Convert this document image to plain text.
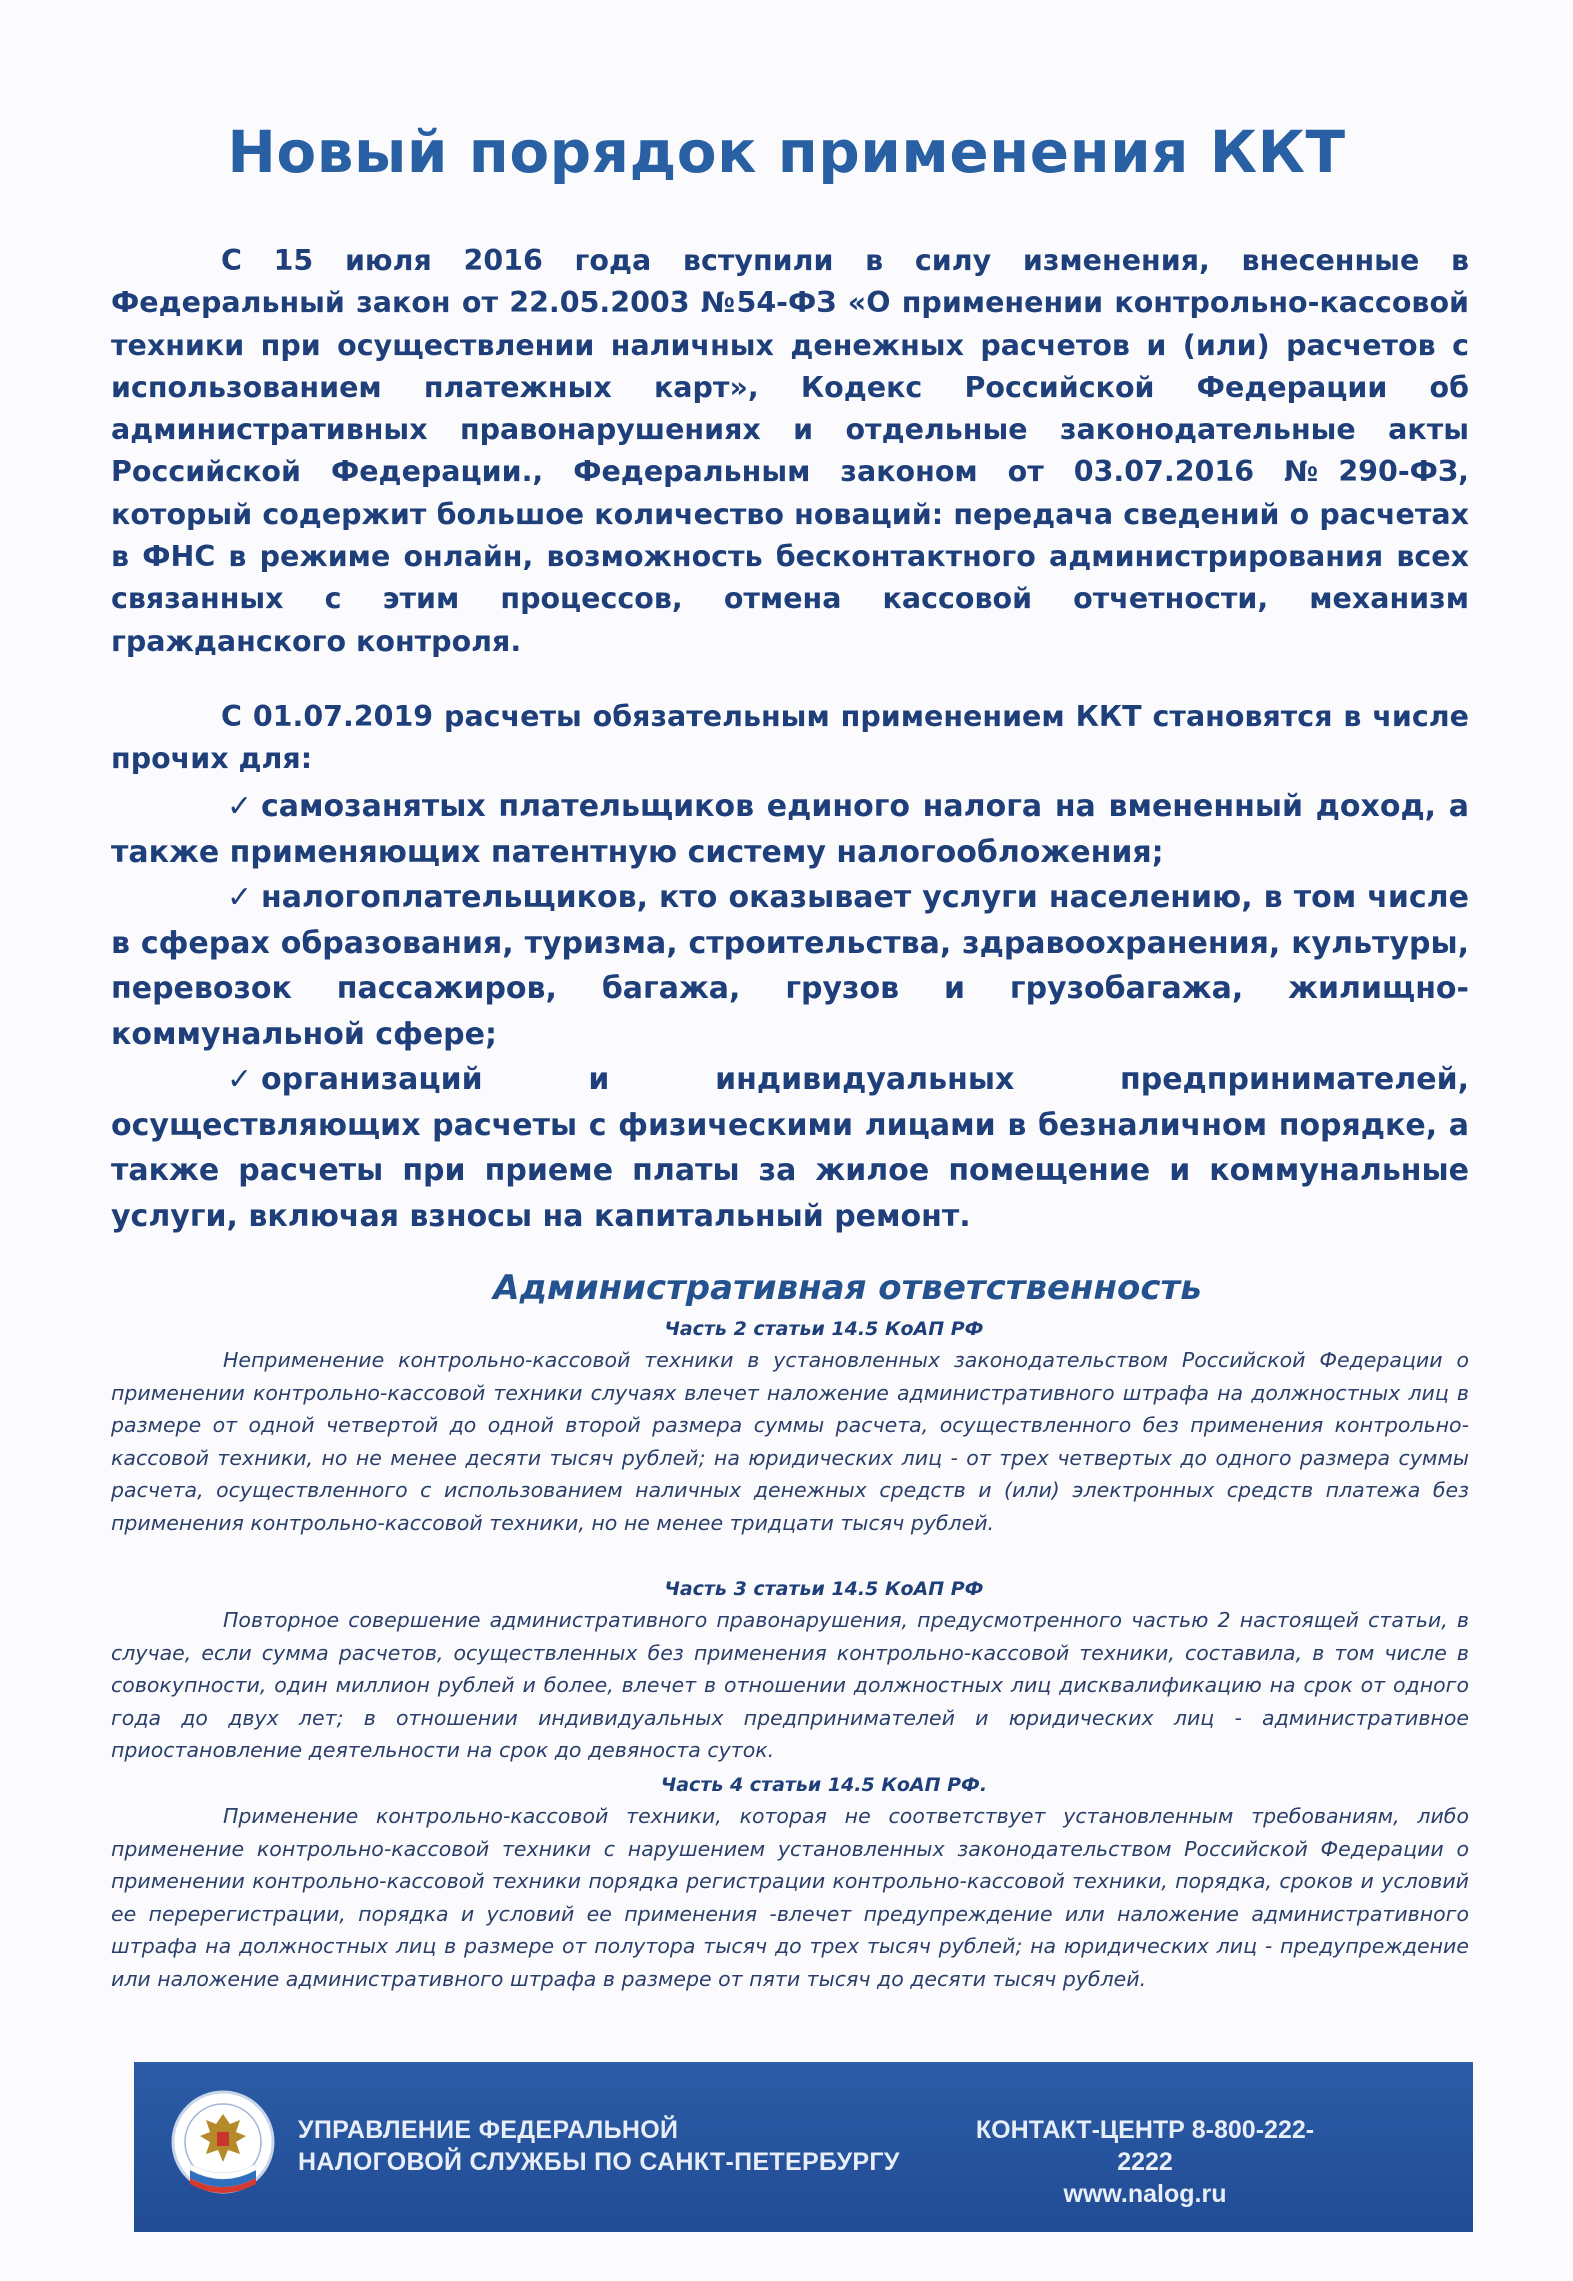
Новый порядок применения ККТ

С 15 июля 2016 года вступили в силу изменения, внесенные в Федеральный закон от 22.05.2003 №54-ФЗ «О применении контрольно-кассовой техники при осуществлении наличных денежных расчетов и (или) расчетов с использованием платежных карт», Кодекс Российской Федерации об административных правонарушениях и отдельные законодательные акты Российской Федерации., Федеральным законом от 03.07.2016 №290-ФЗ, который содержит большое количество новаций: передача сведений о расчетах в ФНС в режиме онлайн, возможность бесконтактного администрирования всех связанных с этим процессов, отмена кассовой отчетности, механизм гражданского контроля.

С 01.07.2019 расчеты обязательным применением ККТ становятся в числе прочих для:

✓ самозанятых плательщиков единого налога на вмененный доход, а также применяющих патентную систему налогообложения;
✓ налогоплательщиков, кто оказывает услуги населению, в том числе в сферах образования, туризма, строительства, здравоохранения, культуры, перевозок пассажиров, багажа, грузов и грузобагажа, жилищно-коммунальной сфере;
✓ организаций и индивидуальных предпринимателей, осуществляющих расчеты с физическими лицами в безналичном порядке, а также расчеты при приеме платы за жилое помещение и коммунальные услуги, включая взносы на капитальный ремонт.
Административная ответственность

Часть 2 статьи 14.5 КоАП РФ

Неприменение контрольно-кассовой техники в установленных законодательством Российской Федерации о применении контрольно-кассовой техники случаях влечет наложение административного штрафа на должностных лиц в размере от одной четвертой до одной второй размера суммы расчета, осуществленного без применения контрольно-кассовой техники, но не менее десяти тысяч рублей; на юридических лиц - от трех четвертых до одного размера суммы расчета, осуществленного с использованием наличных денежных средств и (или) электронных средств платежа без применения контрольно-кассовой техники, но не менее тридцати тысяч рублей.

Часть 3 статьи 14.5 КоАП РФ

Повторное совершение административного правонарушения, предусмотренного частью 2 настоящей статьи, в случае, если сумма расчетов, осуществленных без применения контрольно-кассовой техники, составила, в том числе в совокупности, один миллион рублей и более, влечет в отношении должностных лиц дисквалификацию на срок от одного года до двух лет; в отношении индивидуальных предпринимателей и юридических лиц - административное приостановление деятельности на срок до девяноста суток.

Часть 4 статьи 14.5 КоАП РФ.

Применение контрольно-кассовой техники, которая не соответствует установленным требованиям, либо применение контрольно-кассовой техники с нарушением установленных законодательством Российской Федерации о применении контрольно-кассовой техники порядка регистрации контрольно-кассовой техники, порядка, сроков и условий ее перерегистрации, порядка и условий ее применения -влечет предупреждение или наложение административного штрафа на должностных лиц в размере от полутора тысяч до трех тысяч рублей; на юридических лиц - предупреждение или наложение административного штрафа в размере от пяти тысяч до десяти тысяч рублей.

УПРАВЛЕНИЕ ФЕДЕРАЛЬНОЙ
НАЛОГОВОЙ СЛУЖБЫ ПО САНКТ-ПЕТЕРБУРГУ

КОНТАКТ-ЦЕНТР 8-800-222-2222
www.nalog.ru
